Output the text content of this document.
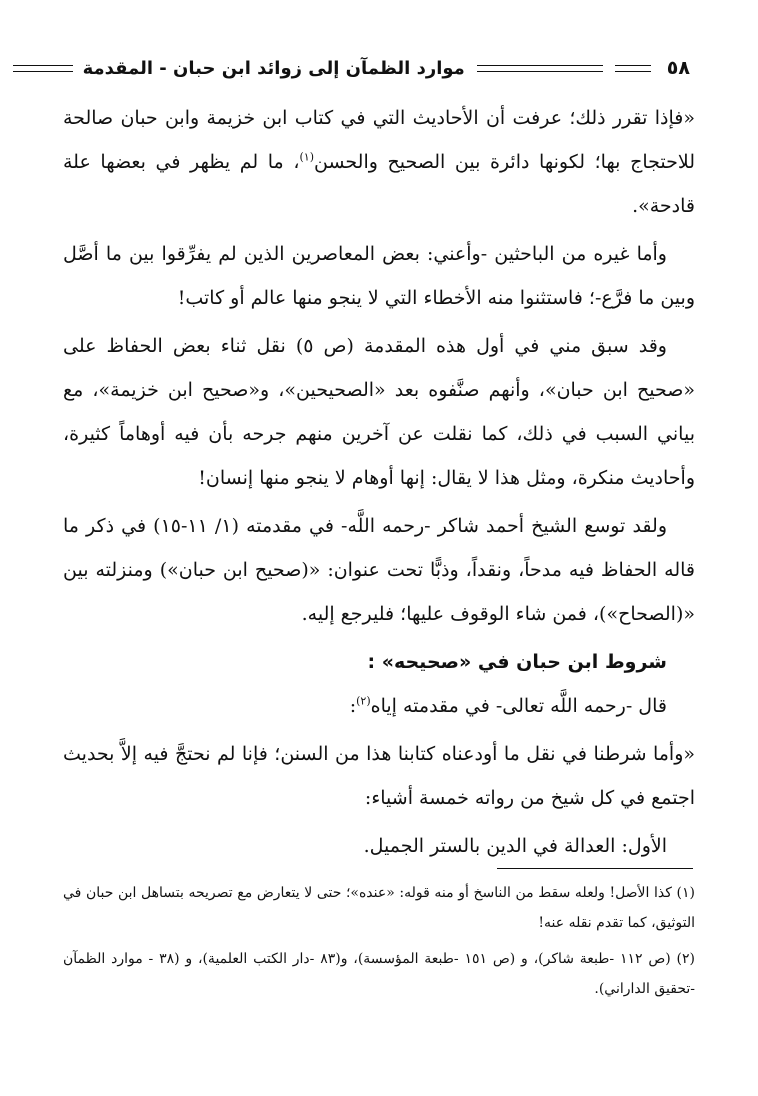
٥٨
موارد الظمآن إلى زوائد ابن حبان - المقدمة

«فإذا تقرر ذلك؛ عرفت أن الأحاديث التي في كتاب ابن خزيمة وابن حبان صالحة للاحتجاج بها؛ لكونها دائرة بين الصحيح والحسن$^{(١)}$، ما لم يظهر في بعضها علة قادحة».

وأما غيره من الباحثين -وأعني: بعض المعاصرين الذين لم يفرِّقوا بين ما أصَّل وبين ما فرَّع-؛ فاستثنوا منه الأخطاء التي لا ينجو منها عالم أو كاتب!

وقد سبق مني في أول هذه المقدمة (ص ٥) نقل ثناء بعض الحفاظ على «صحيح ابن حبان»، وأنهم صنَّفوه بعد «الصحيحين»، و«صحيح ابن خزيمة»، مع بياني السبب في ذلك، كما نقلت عن آخرين منهم جرحه بأن فيه أوهاماً كثيرة، وأحاديث منكرة، ومثل هذا لا يقال: إنها أوهام لا ينجو منها إنسان!

ولقد توسع الشيخ أحمد شاكر -رحمه اللَّه- في مقدمته (١/ ١١-١٥) في ذكر ما قاله الحفاظ فيه مدحاً، ونقداً، وذبًّا تحت عنوان: «(صحيح ابن حبان») ومنزلته بين «(الصحاح»)، فمن شاء الوقوف عليها؛ فليرجع إليه.

شروط ابن حبان في «صحيحه» :

قال -رحمه اللَّه تعالى- في مقدمته إياه$^{(٢)}$:

«وأما شرطنا في نقل ما أودعناه كتابنا هذا من السنن؛ فإنا لم نحتجَّ فيه إلاَّ بحديث اجتمع في كل شيخ من رواته خمسة أشياء:

الأول: العدالة في الدين بالستر الجميل.

(١) كذا الأصل! ولعله سقط من الناسخ أو منه قوله: «عنده»؛ حتى لا يتعارض مع تصريحه بتساهل ابن حبان في التوثيق، كما تقدم نقله عنه!

(٢) (ص ١١٢ -طبعة شاكر)، و (ص ١٥١ -طبعة المؤسسة)، و(٨٣ -دار الكتب العلمية)، و (٣٨ - موارد الظمآن -تحقيق الداراني).
